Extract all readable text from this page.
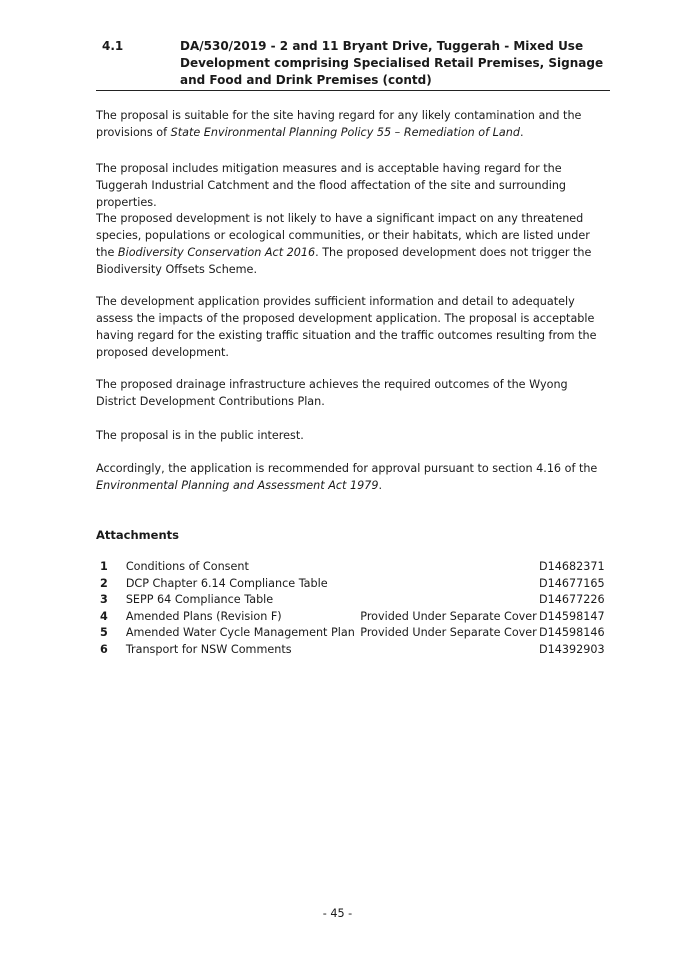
4.1	DA/530/2019 - 2 and 11 Bryant Drive, Tuggerah - Mixed Use Development comprising Specialised Retail Premises, Signage and Food and Drink Premises (contd)

The proposal is suitable for the site having regard for any likely contamination and the provisions of State Environmental Planning Policy 55 – Remediation of Land.

The proposal includes mitigation measures and is acceptable having regard for the Tuggerah Industrial Catchment and the flood affectation of the site and surrounding properties.

The proposed development is not likely to have a significant impact on any threatened species, populations or ecological communities, or their habitats, which are listed under the Biodiversity Conservation Act 2016. The proposed development does not trigger the Biodiversity Offsets Scheme.

The development application provides sufficient information and detail to adequately assess the impacts of the proposed development application. The proposal is acceptable having regard for the existing traffic situation and the traffic outcomes resulting from the proposed development.

The proposed drainage infrastructure achieves the required outcomes of the Wyong District Development Contributions Plan.

The proposal is in the public interest.

Accordingly, the application is recommended for approval pursuant to section 4.16 of the Environmental Planning and Assessment Act 1979.

Attachments
1	Conditions of Consent		D14682371
2	DCP Chapter 6.14 Compliance Table		D14677165
3	SEPP 64 Compliance Table		D14677226
4	Amended Plans (Revision F)	Provided Under Separate Cover	D14598147
5	Amended Water Cycle Management Plan	Provided Under Separate Cover	D14598146
6	Transport for NSW Comments		D14392903
- 45 -
